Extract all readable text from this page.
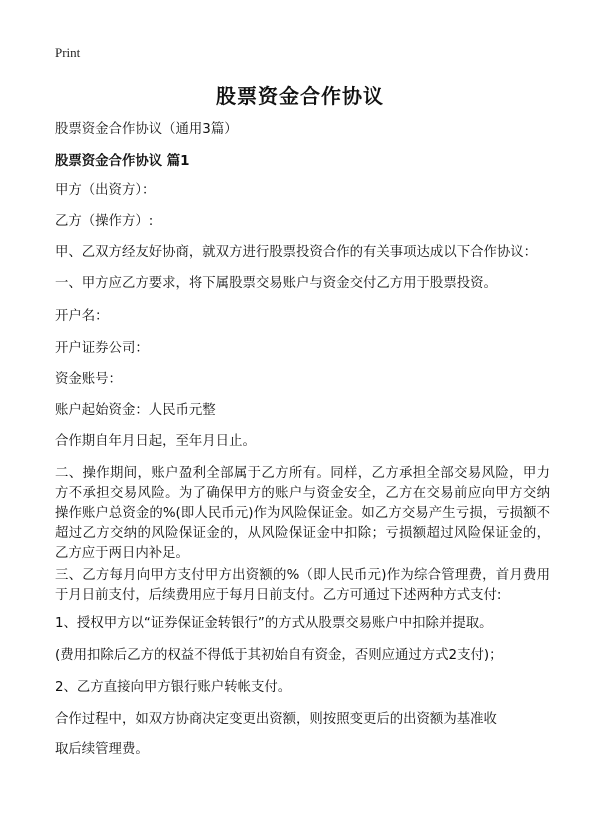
Print
股票资金合作协议

股票资金合作协议（通用3篇）

股票资金合作协议 篇1

甲方（出资方）：

乙方（操作方）:

甲、乙双方经友好协商，就双方进行股票投资合作的有关事项达成以下合作协议：

一、甲方应乙方要求，将下属股票交易账户与资金交付乙方用于股票投资。

开户名：

开户证券公司：

资金账号：

账户起始资金：人民币元整

合作期自年月日起，至年月日止。

二、操作期间，账户盈利全部属于乙方所有。同样，乙方承担全部交易风险，甲力方不承担交易风险。为了确保甲方的账户与资金安全，乙方在交易前应向甲方交纳操作账户总资金的%(即人民币元)作为风险保证金。如乙方交易产生亏损，亏损额不超过乙方交纳的风险保证金的，从风险保证金中扣除；亏损额超过风险保证金的，乙方应于两日内补足。

三、乙方每月向甲方支付甲方出资额的%（即人民币元)作为综合管理费，首月费用于月日前支付，后续费用应于每月日前支付。乙方可通过下述两种方式支付:

1、授权甲方以“证券保证金转银行”的方式从股票交易账户中扣除并提取。

(费用扣除后乙方的权益不得低于其初始自有资金，否则应通过方式2支付)；

2、乙方直接向甲方银行账户转帐支付。

合作过程中，如双方协商决定变更出资额，则按照变更后的出资额为基准收

取后续管理费。
